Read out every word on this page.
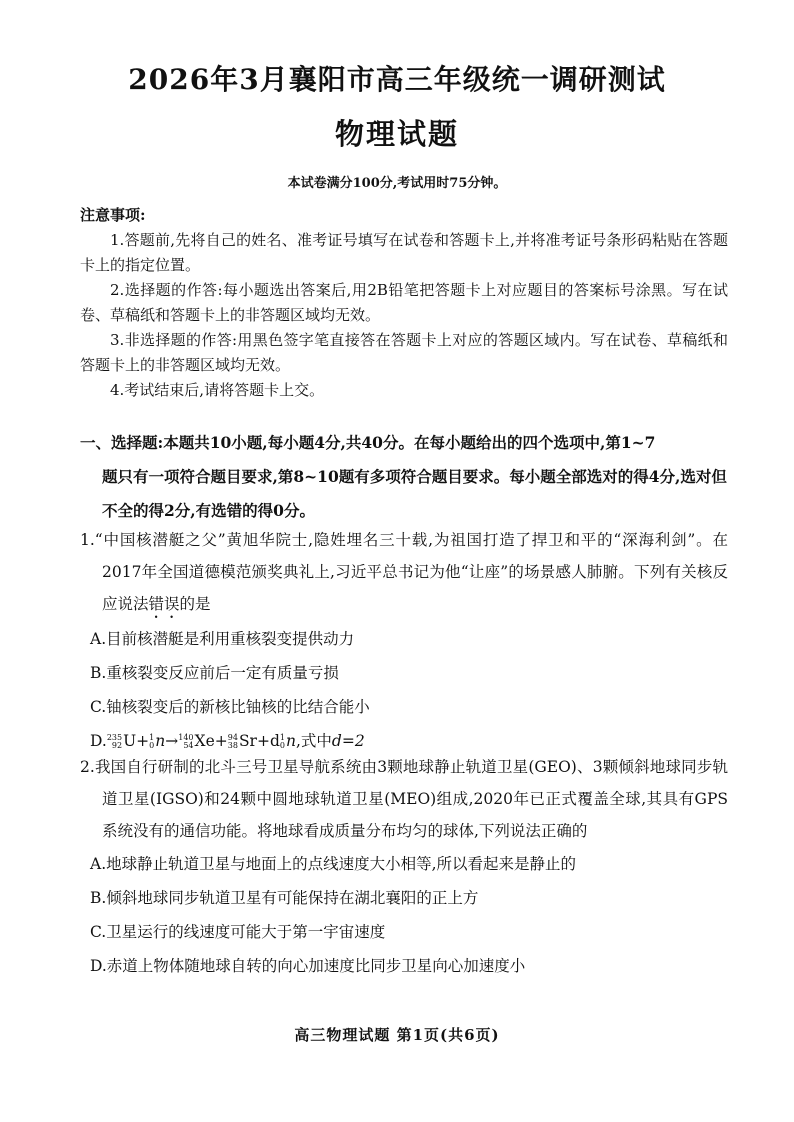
2026年3月襄阳市高三年级统一调研测试
物理试题
本试卷满分100分,考试用时75分钟。
注意事项:
1.答题前,先将自己的姓名、准考证号填写在试卷和答题卡上,并将准考证号条形码粘贴在答题卡上的指定位置。
2.选择题的作答:每小题选出答案后,用2B铅笔把答题卡上对应题目的答案标号涂黑。写在试卷、草稿纸和答题卡上的非答题区域均无效。
3.非选择题的作答:用黑色签字笔直接答在答题卡上对应的答题区域内。写在试卷、草稿纸和答题卡上的非答题区域均无效。
4.考试结束后,请将答题卡上交。
一、选择题:本题共10小题,每小题4分,共40分。在每小题给出的四个选项中,第1~7
题只有一项符合题目要求,第8~10题有多项符合题目要求。每小题全部选对的得4分,选对但不全的得2分,有选错的得0分。
1.“中国核潜艇之父”黄旭华院士,隐姓埋名三十载,为祖国打造了捍卫和平的“深海利剑”。在2017年全国道德模范颁奖典礼上,习近平总书记为他“让座”的场景感人肺腑。下列有关核反应说法错误的是
A.目前核潜艇是利用重核裂变提供动力
B.重核裂变反应前后一定有质量亏损
C.铀核裂变后的新核比铀核的比结合能小
D. 235
92 U+ 1
0 n→ 140
54 Xe+ 94
38 Sr+d 1
0 n,式中d=2
2.我国自行研制的北斗三号卫星导航系统由3颗地球静止轨道卫星(GEO)、3颗倾斜地球同步轨道卫星(IGSO)和24颗中圆地球轨道卫星(MEO)组成,2020年已正式覆盖全球,其具有GPS系统没有的通信功能。将地球看成质量分布均匀的球体,下列说法正确的
A.地球静止轨道卫星与地面上的点线速度大小相等,所以看起来是静止的
B.倾斜地球同步轨道卫星有可能保持在湖北襄阳的正上方
C.卫星运行的线速度可能大于第一宇宙速度
D.赤道上物体随地球自转的向心加速度比同步卫星向心加速度小
高三物理试题 第1页(共6页)
